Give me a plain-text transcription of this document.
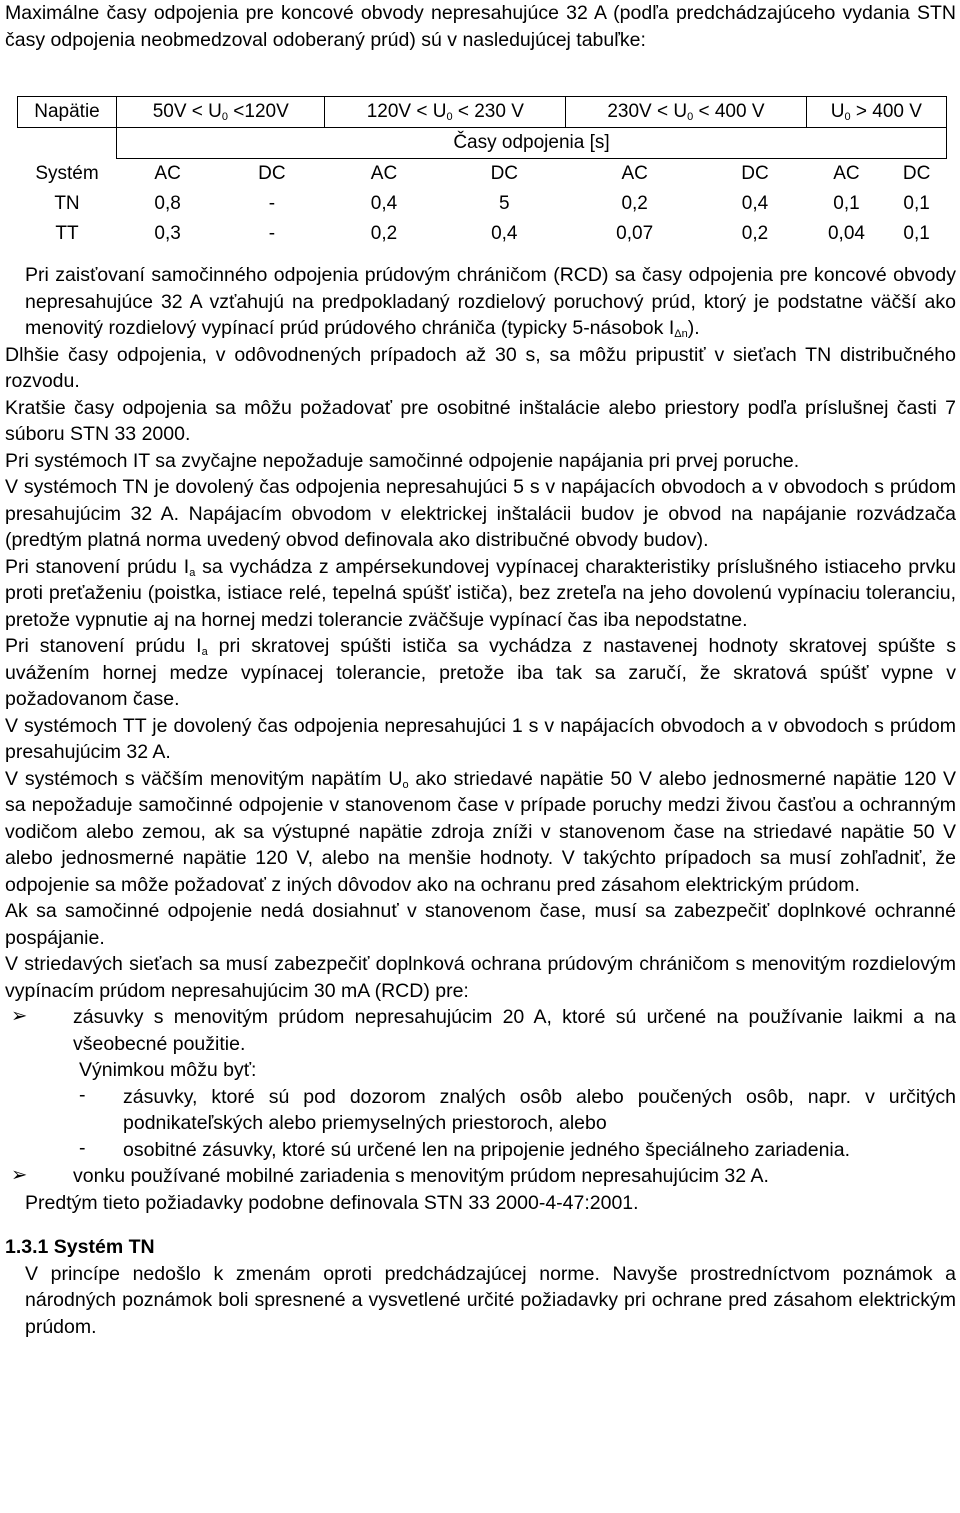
Maximálne časy odpojenia pre koncové obvody nepresahujúce 32 A (podľa predchádzajúceho vydania STN časy odpojenia neobmedzoval odoberaný prúd) sú v nasledujúcej tabuľke:

Napätie	$50V < U_0 <120V$		$120V < U_0 < 230$ V		$230V < U_0 < 400$ V		$U_0 > 400$ V	
	Časy odpojenia [s]							
Systém	AC	DC	AC	DC	AC	DC	AC	DC
TN	0,8	-	0,4	5	0,2	0,4	0,1	0,1
TT	0,3	-	0,2	0,4	0,07	0,2	0,04	0,1

Pri zaisťovaní samočinného odpojenia prúdovým chráničom (RCD) sa časy odpojenia pre koncové obvody nepresahujúce 32 A vzťahujú na predpokladaný rozdielový poruchový prúd, ktorý je podstatne väčší ako menovitý rozdielový vypínací prúd prúdového chrániča (typicky 5-násobok $I_{\Delta n}$).

Dlhšie časy odpojenia, v odôvodnených prípadoch až 30 s, sa môžu pripustiť v sieťach TN distribučného rozvodu.

Kratšie časy odpojenia sa môžu požadovať pre osobitné inštalácie alebo priestory podľa príslušnej časti 7 súboru STN 33 2000.

Pri systémoch IT sa zvyčajne nepožaduje samočinné odpojenie napájania pri prvej poruche.

V systémoch TN je dovolený čas odpojenia nepresahujúci 5 s v napájacích obvodoch a v obvodoch s prúdom presahujúcim 32 A. Napájacím obvodom v elektrickej inštalácii budov je obvod na napájanie rozvádzača (predtým platná norma uvedený obvod definovala ako distribučné obvody budov).

Pri stanovení prúdu $I_a$ sa vychádza z ampérsekundovej vypínacej charakteristiky príslušného istiaceho prvku proti preťaženiu (poistka, istiace relé, tepelná spúšť ističa), bez zreteľa na jeho dovolenú vypínaciu toleranciu, pretože vypnutie aj na hornej medzi tolerancie zväčšuje vypínací čas iba nepodstatne.

Pri stanovení prúdu $I_a$ pri skratovej spúšti ističa sa vychádza z nastavenej hodnoty skratovej spúšte s uvážením hornej medze vypínacej tolerancie, pretože iba tak sa zaručí, že skratová spúšť vypne v požadovanom čase.

V systémoch TT je dovolený čas odpojenia nepresahujúci 1 s v napájacích obvodoch a v obvodoch s prúdom presahujúcim 32 A.

V systémoch s väčším menovitým napätím $U_o$ ako striedavé napätie 50 V alebo jednosmerné napätie 120 V sa nepožaduje samočinné odpojenie v stanovenom čase v prípade poruchy medzi živou časťou a ochranným vodičom alebo zemou, ak sa výstupné napätie zdroja zníži v stanovenom čase na striedavé napätie 50 V alebo jednosmerné napätie 120 V, alebo na menšie hodnoty. V takýchto prípadoch sa musí zohľadniť, že odpojenie sa môže požadovať z iných dôvodov ako na ochranu pred zásahom elektrickým prúdom.

Ak sa samočinné odpojenie nedá dosiahnuť v stanovenom čase, musí sa zabezpečiť doplnkové ochranné pospájanie.

V striedavých sieťach sa musí zabezpečiť doplnková ochrana prúdovým chráničom s menovitým rozdielovým vypínacím prúdom nepresahujúcim 30 mA (RCD) pre:

➢	zásuvky s menovitým prúdom nepresahujúcim 20 A, ktoré sú určené na používanie laikmi a na všeobecné použitie.

Výnimkou môžu byť:

-	zásuvky, ktoré sú pod dozorom znalých osôb alebo poučených osôb, napr. v určitých podnikateľských alebo priemyselných priestoroch, alebo
-	osobitné zásuvky, ktoré sú určené len na pripojenie jedného špeciálneho zariadenia.
➢	vonku používané mobilné zariadenia s menovitým prúdom nepresahujúcim 32 A.

Predtým tieto požiadavky podobne definovala STN 33 2000-4-47:2001.

1.3.1 Systém TN

V princípe nedošlo k zmenám oproti predchádzajúcej norme. Navyše prostredníctvom poznámok a národných poznámok boli spresnené a vysvetlené určité požiadavky pri ochrane pred zásahom elektrickým prúdom.
